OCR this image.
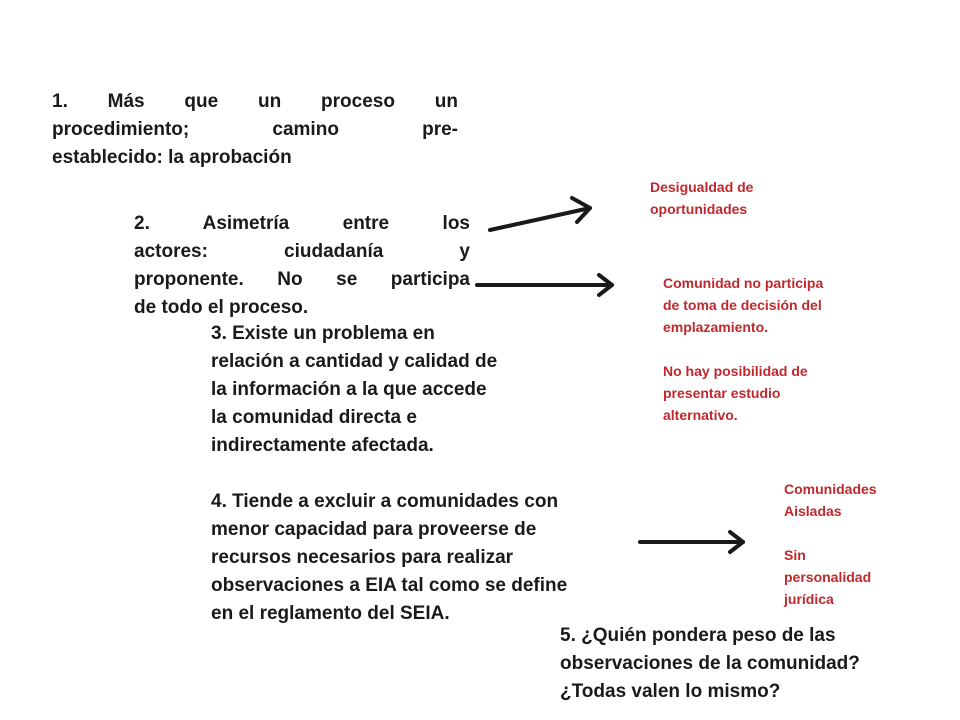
1. Más que un proceso un
procedimiento; camino pre-
establecido: la aprobación
2. Asimetría entre los
actores: ciudadanía y
proponente. No se participa
de todo el proceso.
3. Existe un problema en
relación a cantidad y calidad de
la información a la que accede
la comunidad directa e
indirectamente afectada.
4. Tiende a excluir a comunidades con
menor capacidad para proveerse de
recursos necesarios para realizar
observaciones a EIA tal como se define
en el reglamento del SEIA.
5. ¿Quién pondera peso de las
observaciones de la comunidad?
¿Todas valen lo mismo?
Desigualdad de
oportunidades
Comunidad no participa
de toma de decisión del
emplazamiento.
No hay posibilidad de
presentar estudio
alternativo.
Comunidades
Aisladas
Sin
personalidad
jurídica
